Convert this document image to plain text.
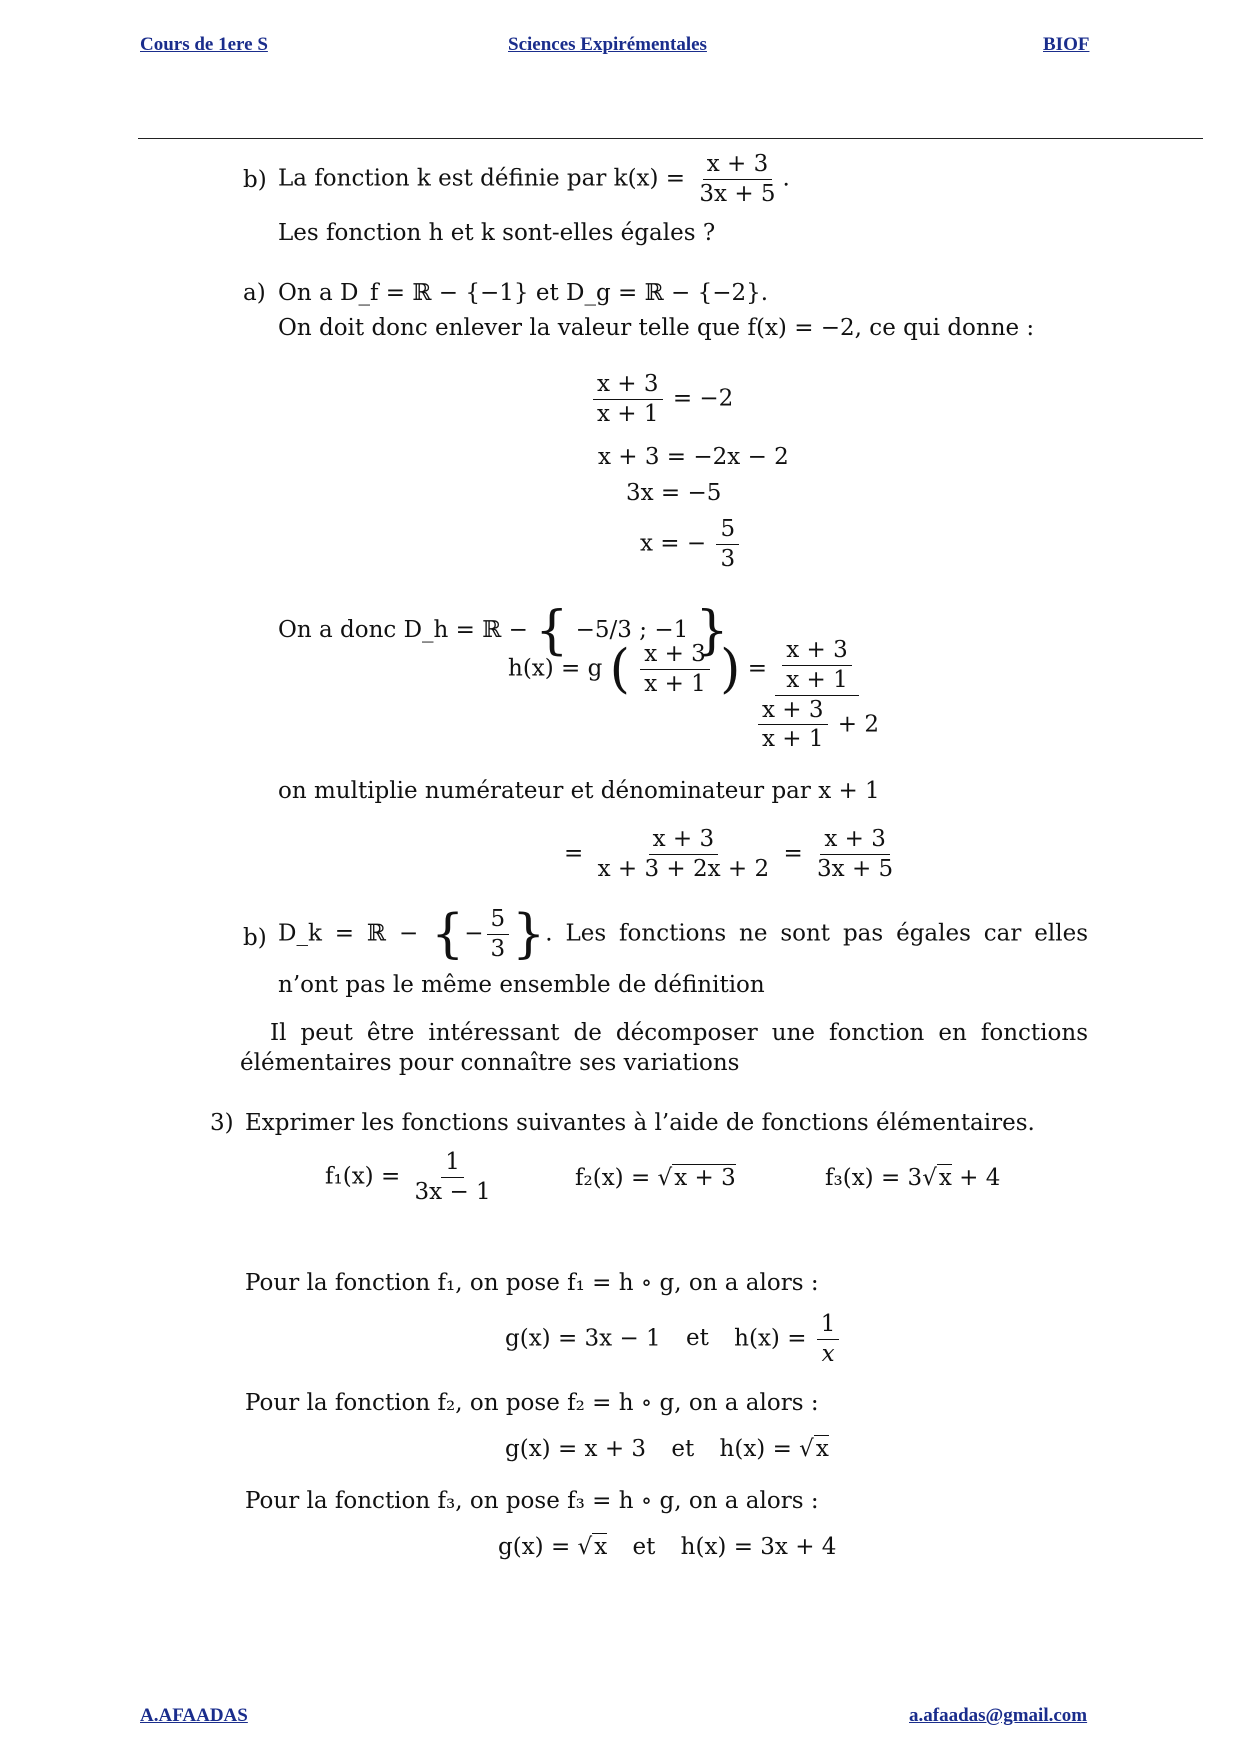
Cours de 1ere S	Sciences Expirémentales	BIOF
b) La fonction k est définie par $k(x) = \frac{x + 3}{3x + 5}$ .
Les fonction h et k sont-elles égales ?
a) On a D_f = ℝ − {−1} et D_g = ℝ − {−2}.
On doit donc enlever la valeur telle que f(x) = −2, ce qui donne :
$\frac{x + 3}{x + 1} = -2$
x + 3 = −2x − 2
3x = −5
x = − $\frac{5}{3}$
On a donc D_h = ℝ − { −5/3 ; −1 }
h(x) = g ( $\frac{x + 3}{x + 1}$ ) =
$\frac{\frac{x + 3}{x + 1}}{\frac{x + 3}{x + 1} + 2}$
on multiplie numérateur et dénominateur par x + 1
= $\frac{x + 3}{x + 3 + 2x + 2} = \frac{x + 3}{3x + 5}$
b) D_k = ℝ − {− $\frac{5}{3}$ }. Les fonctions ne sont pas égales car elles n’ont pas le même ensemble de définition
Il peut être intéressant de décomposer une fonction en fonctions élémentaires pour connaître ses variations
3) Exprimer les fonctions suivantes à l’aide de fonctions élémentaires.
$f_1(x) = \frac{1}{3x - 1}$	f₂(x) = √x + 3	f₃(x) = 3√x + 4
Pour la fonction f₁, on pose f₁ = h ∘ g, on a alors :
g(x) = 3x − 1 et $h(x) = \frac{1}{x}$
Pour la fonction f₂, on pose f₂ = h ∘ g, on a alors :
g(x) = x + 3 et h(x) = √x
Pour la fonction f₃, on pose f₃ = h ∘ g, on a alors :
g(x) = √x et h(x) = 3x + 4
A.AFAADAS	a.afaadas@gmail.com
